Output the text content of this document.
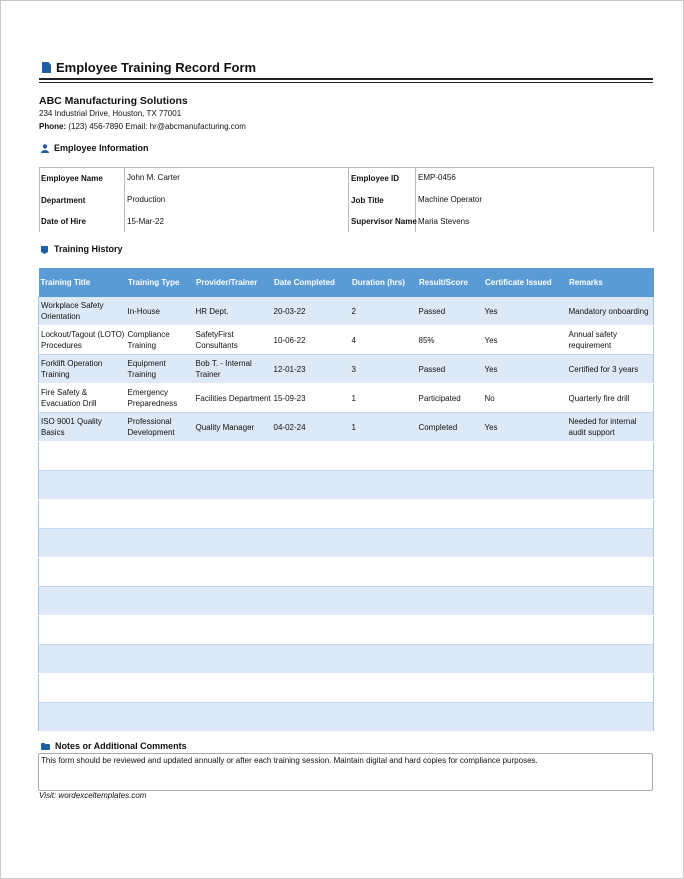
Employee Training Record Form
ABC Manufacturing Solutions
234 Industrial Drive, Houston, TX 77001
Phone: (123) 456-7890 Email: hr@abcmanufacturing.com
Employee Information
Employee Name	John M. Carter	Employee ID EMP-0456
Department	Production	Job Title	Machine Operator
Date of Hire	15-Mar-22	Supervisor Name Maria Stevens
Training History
Training Title	Training Type	Provider/Trainer	Date Completed	Duration (hrs)	Result/Score	Certificate Issued	Remarks
Workplace Safety Orientation	In-House	HR Dept.	20-03-22	2	Passed	Yes	Mandatory onboarding
Lockout/Tagout (LOTO) Procedures	Compliance Training	SafetyFirst Consultants	10-06-22	4	85%	Yes	Annual safety requirement
Forklift Operation Training	Equipment Training	Bob T. - Internal Trainer	12-01-23	3	Passed	Yes	Certified for 3 years
Fire Safety & Evacuation Drill	Emergency Preparedness	Facilities Department	15-09-23	1	Participated	No	Quarterly fire drill
ISO 9001 Quality Basics	Professional Development	Quality Manager	04-02-24	1	Completed	Yes	Needed for internal audit support

Notes or Additional Comments
This form should be reviewed and updated annually or after each training session. Maintain digital and hard copies for compliance purposes.
Visit: wordexceltemplates.com
